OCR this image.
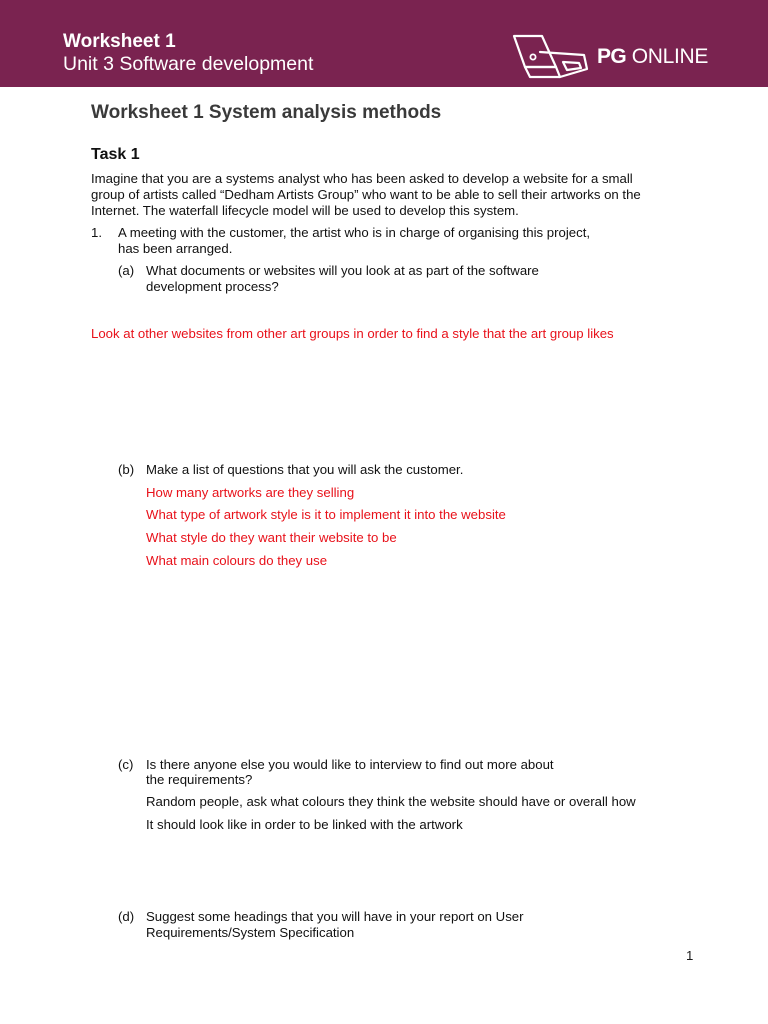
Worksheet 1
Unit 3 Software development	PG ONLINE
Worksheet 1 System analysis methods
Task 1
Imagine that you are a systems analyst who has been asked to develop a website for a small
group of artists called “Dedham Artists Group” who want to be able to sell their artworks on the
Internet. The waterfall lifecycle model will be used to develop this system.
1. A meeting with the customer, the artist who is in charge of organising this project,
has been arranged.
(a) What documents or websites will you look at as part of the software
development process?
Look at other websites from other art groups in order to find a style that the art group likes
(b) Make a list of questions that you will ask the customer.
How many artworks are they selling
What type of artwork style is it to implement it into the website
What style do they want their website to be
What main colours do they use
(c) Is there anyone else you would like to interview to find out more about
the requirements?
Random people, ask what colours they think the website should have or overall how
It should look like in order to be linked with the artwork
(d) Suggest some headings that you will have in your report on User
Requirements/System Specification
1
